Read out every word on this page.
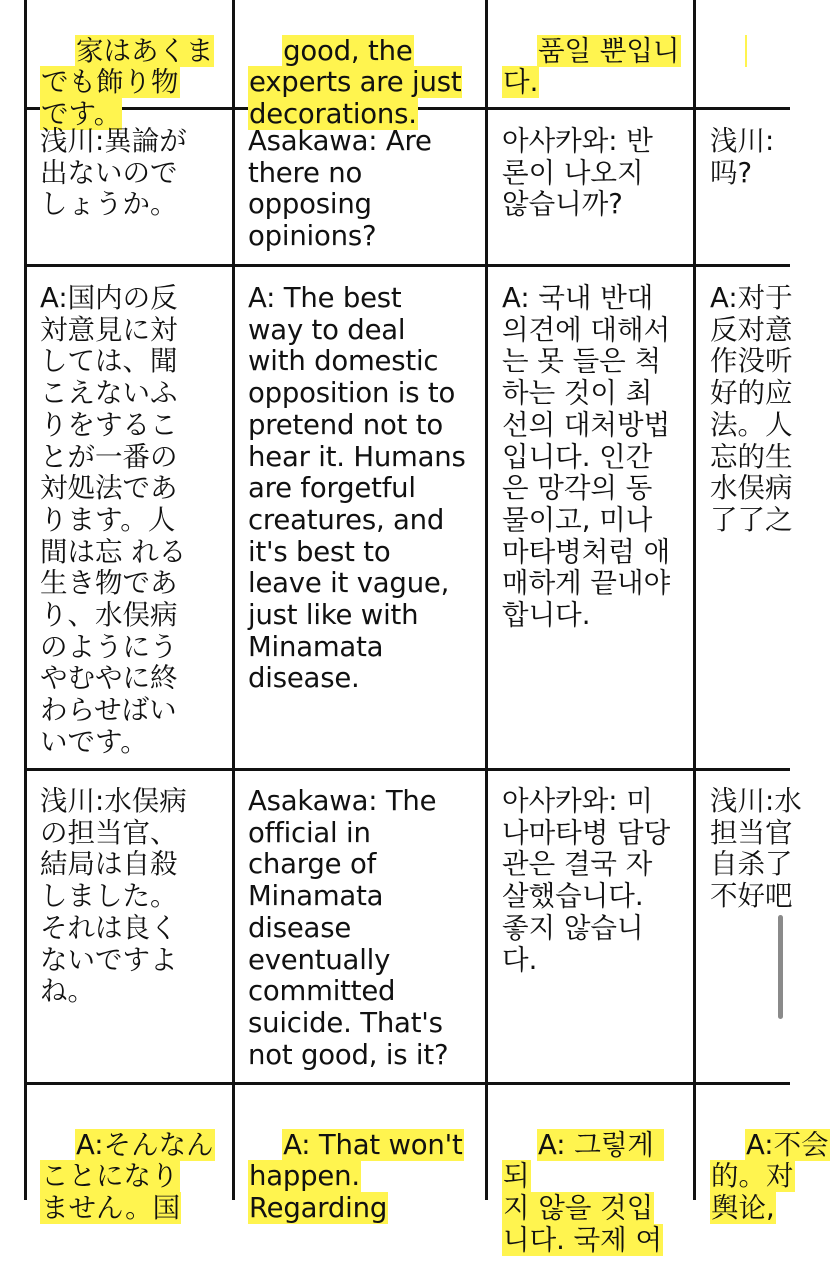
家はあくま
でも飾り物
です。

good, the
experts are just
decorations.

품일 뿐입니
다.

浅川:異論が
出ないので
しょうか。
Asakawa: Are
there no
opposing
opinions?
아사카와: 반
론이 나오지
않습니까?
浅川:
吗?
A:国内の反
対意見に対
しては、聞
こえないふ
りをするこ
とが一番の
対処法であ
ります。人
間は忘 れる
生き物であ
り、水俣病
のようにう
やむやに終
わらせばい
いです。
A: The best
way to deal
with domestic
opposition is to
pretend not to
hear it. Humans
are forgetful
creatures, and
it's best to
leave it vague,
just like with
Minamata
disease.
A: 국내 반대
의견에 대해서
는 못 들은 척
하는 것이 최
선의 대처방법
입니다. 인간
은 망각의 동
물이고, 미나
마타병처럼 애
매하게 끝내야
합니다.
A:对于
反对意
作没听
好的应
法。人
忘的生
水俣病
了了之
浅川:水俣病
の担当官、
結局は自殺
しました。
それは良く
ないですよ
ね。
Asakawa: The
official in
charge of
Minamata
disease
eventually
committed
suicide. That's
not good, is it?
아사카와: 미
나마타병 담당
관은 결국 자
살했습니다.
좋지 않습니
다.
浅川:水
担当官
自杀了
不好吧

A:そんなん
ことになり
ません。国

A: That won't
happen.
Regarding

A: 그렇게 되
지 않을 것입
니다. 국제 여

A:不会
的。对
舆论,
